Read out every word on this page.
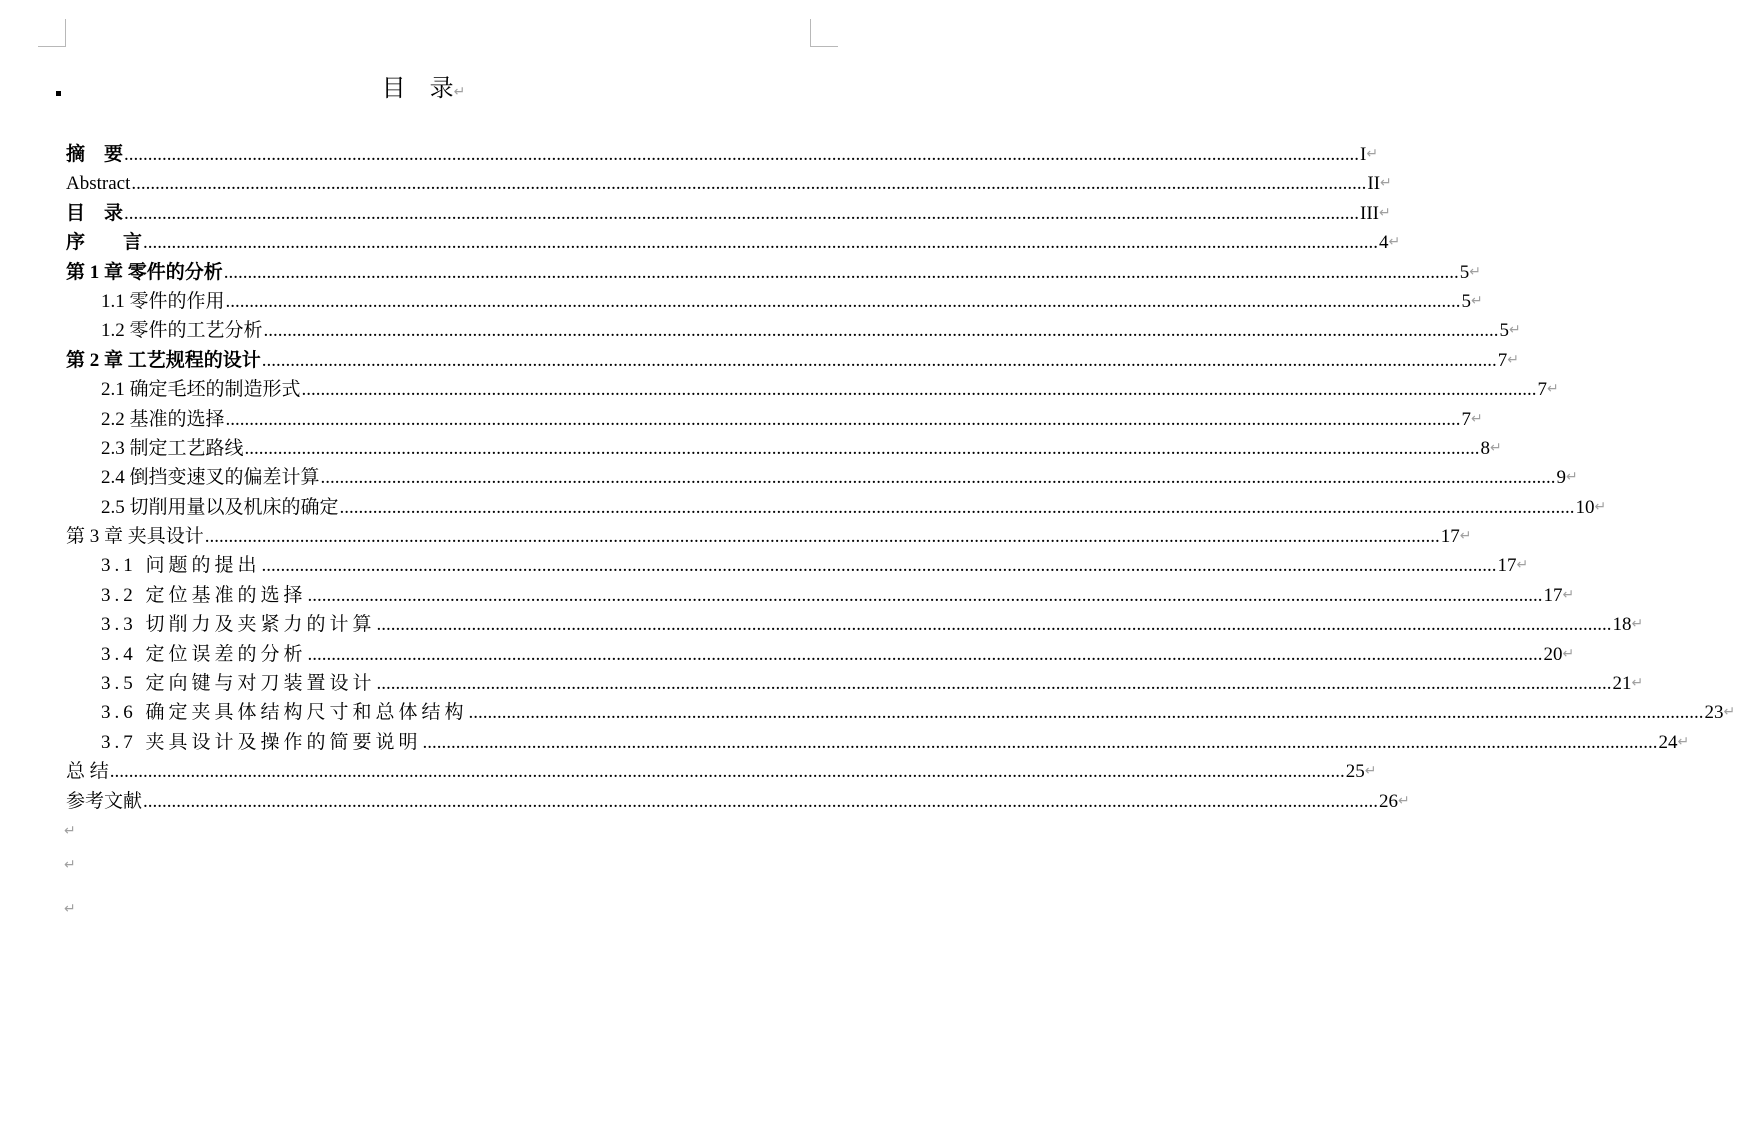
目　录↵
摘　要 .................................................................................................................................................................................................................................................................... I ↵
Abstract .................................................................................................................................................................................................................................................................... II ↵
目　录 .................................................................................................................................................................................................................................................................... III ↵
序　　言 .................................................................................................................................................................................................................................................................... 4 ↵
第 1 章 零件的分析 .................................................................................................................................................................................................................................................................... 5 ↵
1.1 零件的作用 .................................................................................................................................................................................................................................................................... 5 ↵
1.2 零件的工艺分析 .................................................................................................................................................................................................................................................................... 5 ↵
第 2 章 工艺规程的设计 .................................................................................................................................................................................................................................................................... 7 ↵
2.1 确定毛坯的制造形式 .................................................................................................................................................................................................................................................................... 7 ↵
2.2 基准的选择 .................................................................................................................................................................................................................................................................... 7 ↵
2.3 制定工艺路线 .................................................................................................................................................................................................................................................................... 8 ↵
2.4 倒挡变速叉的偏差计算 .................................................................................................................................................................................................................................................................... 9 ↵
2.5 切削用量以及机床的确定 .................................................................................................................................................................................................................................................................... 10 ↵
第 3 章 夹具设计 .................................................................................................................................................................................................................................................................... 17 ↵
3.1 问题的提出 .................................................................................................................................................................................................................................................................... 17 ↵
3.2 定位基准的选择 .................................................................................................................................................................................................................................................................... 17 ↵
3.3 切削力及夹紧力的计算 .................................................................................................................................................................................................................................................................... 18 ↵
3.4 定位误差的分析 .................................................................................................................................................................................................................................................................... 20 ↵
3.5 定向键与对刀装置设计 .................................................................................................................................................................................................................................................................... 21 ↵
3.6 确定夹具体结构尺寸和总体结构 .................................................................................................................................................................................................................................................................... 23 ↵
3.7 夹具设计及操作的简要说明 .................................................................................................................................................................................................................................................................... 24 ↵
总 结 .................................................................................................................................................................................................................................................................... 25 ↵
参考文献 .................................................................................................................................................................................................................................................................... 26 ↵
↵
↵
↵
